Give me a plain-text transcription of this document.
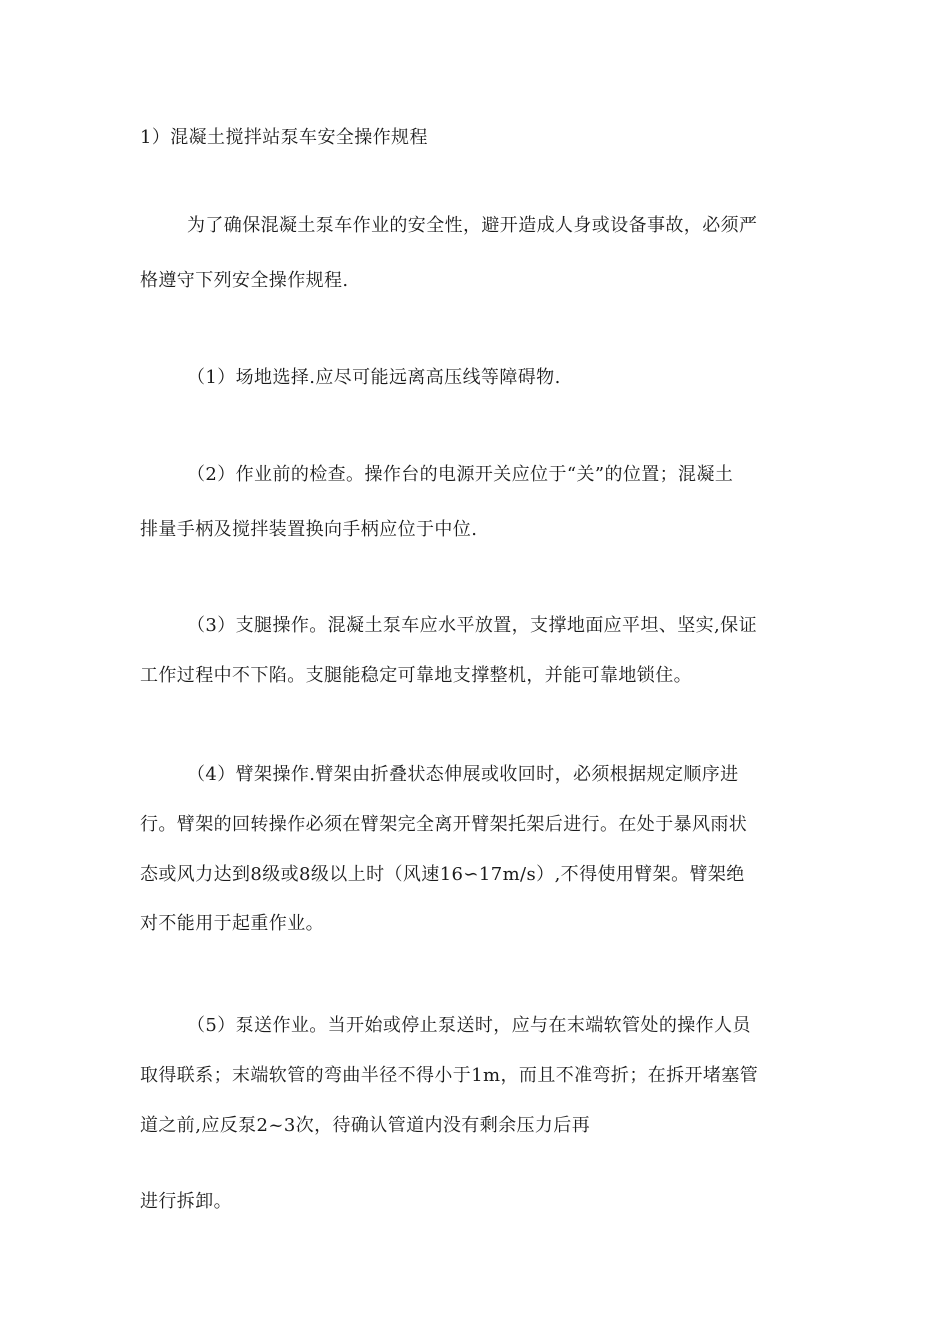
1）混凝土搅拌站泵车安全操作规程
为了确保混凝土泵车作业的安全性，避开造成人身或设备事故，必须严
格遵守下列安全操作规程.
（1）场地选择.应尽可能远离高压线等障碍物.
（2）作业前的检查。操作台的电源开关应位于“关”的位置；混凝土
排量手柄及搅拌装置换向手柄应位于中位.
（3）支腿操作。混凝土泵车应水平放置，支撑地面应平坦、坚实,保证
工作过程中不下陷。支腿能稳定可靠地支撑整机，并能可靠地锁住。
（4）臂架操作.臂架由折叠状态伸展或收回时，必须根据规定顺序进
行。臂架的回转操作必须在臂架完全离开臂架托架后进行。在处于暴风雨状
态或风力达到8级或8级以上时（风速16∽17m/s）,不得使用臂架。臂架绝
对不能用于起重作业。
（5）泵送作业。当开始或停止泵送时，应与在末端软管处的操作人员
取得联系；末端软管的弯曲半径不得小于1m，而且不准弯折；在拆开堵塞管
道之前,应反泵2~3次，待确认管道内没有剩余压力后再
进行拆卸。
